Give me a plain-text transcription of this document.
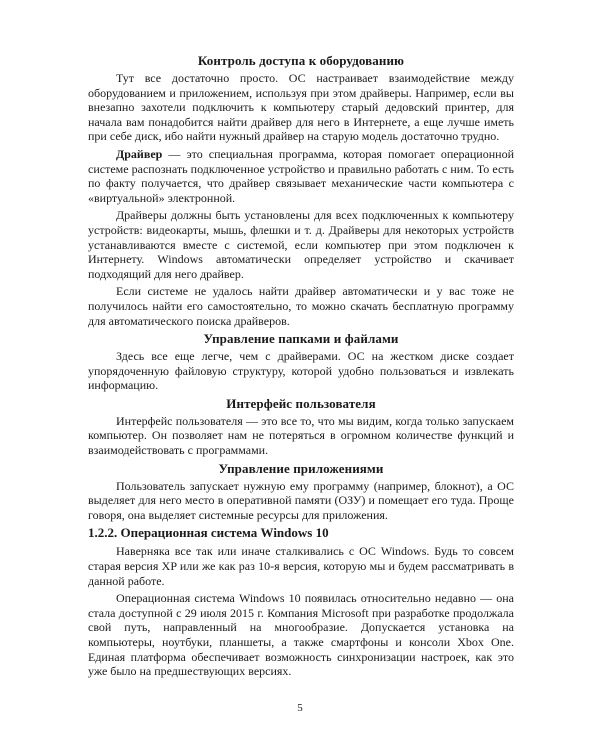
Контроль доступа к оборудованию

Тут все достаточно просто. ОС настраивает взаимодействие между оборудованием и приложением, используя при этом драйверы. Например, если вы внезапно захотели подключить к компьютеру старый дедовский принтер, для начала вам понадобится найти драйвер для него в Интернете, а еще лучше иметь при себе диск, ибо найти нужный драйвер на старую модель достаточно трудно.

Драйвер — это специальная программа, которая помогает операционной системе распознать подключенное устройство и правильно работать с ним. То есть по факту получается, что драйвер связывает механические части компьютера с «виртуальной» электронной.

Драйверы должны быть установлены для всех подключенных к компьютеру устройств: видеокарты, мышь, флешки и т. д. Драйверы для некоторых устройств устанавливаются вместе с системой, если компьютер при этом подключен к Интернету. Windows автоматически определяет устройство и скачивает подходящий для него драйвер.

Если системе не удалось найти драйвер автоматически и у вас тоже не получилось найти его самостоятельно, то можно скачать бесплатную программу для автоматического поиска драйверов.

Управление папками и файлами

Здесь все еще легче, чем с драйверами. ОС на жестком диске создает упорядоченную файловую структуру, которой удобно пользоваться и извлекать информацию.

Интерфейс пользователя

Интерфейс пользователя — это все то, что мы видим, когда только запускаем компьютер. Он позволяет нам не потеряться в огромном количестве функций и взаимодействовать с программами.

Управление приложениями

Пользователь запускает нужную ему программу (например, блокнот), а ОС выделяет для него место в оперативной памяти (ОЗУ) и помещает его туда. Проще говоря, она выделяет системные ресурсы для приложения.

1.2.2. Операционная система Windows 10

Наверняка все так или иначе сталкивались с ОС Windows. Будь то совсем старая версия XP или же как раз 10-я версия, которую мы и будем рассматривать в данной работе.

Операционная система Windows 10 появилась относительно недавно — она стала доступной с 29 июля 2015 г. Компания Microsoft при разработке продолжала свой путь, направленный на многообразие. Допускается установка на компьютеры, ноутбуки, планшеты, а также смартфоны и консоли Xbox One. Единая платформа обеспечивает возможность синхронизации настроек, как это уже было на предшествующих версиях.

5
